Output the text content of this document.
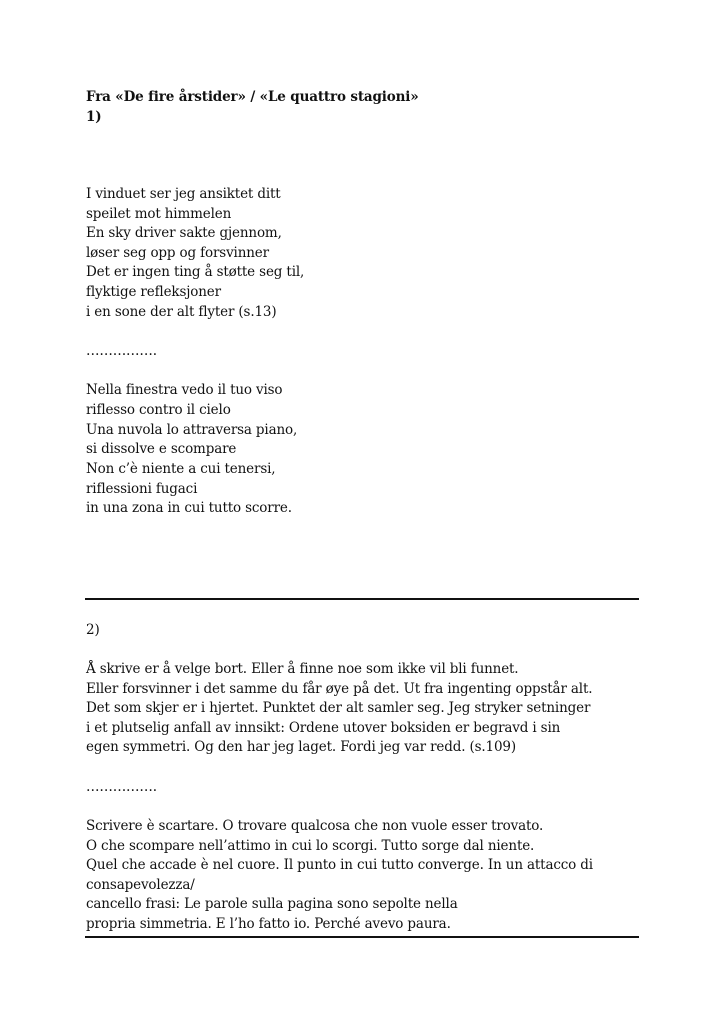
Fra «De fire årstider» / «Le quattro stagioni»
1)
I vinduet ser jeg ansiktet ditt
speilet mot himmelen
En sky driver sakte gjennom,
løser seg opp og forsvinner
Det er ingen ting å støtte seg til,
flyktige refleksjoner
i en sone der alt flyter (s.13)
…………….
Nella finestra vedo il tuo viso
riflesso contro il cielo
Una nuvola lo attraversa piano,
si dissolve e scompare
Non c’è niente a cui tenersi,
riflessioni fugaci
in una zona in cui tutto scorre.
2)
Å skrive er å velge bort. Eller å finne noe som ikke vil bli funnet.
Eller forsvinner i det samme du får øye på det. Ut fra ingenting oppstår alt.
Det som skjer er i hjertet. Punktet der alt samler seg. Jeg stryker setninger
i et plutselig anfall av innsikt: Ordene utover boksiden er begravd i sin
egen symmetri. Og den har jeg laget. Fordi jeg var redd. (s.109)
…………….
Scrivere è scartare. O trovare qualcosa che non vuole esser trovato.
O che scompare nell’attimo in cui lo scorgi. Tutto sorge dal niente.
Quel che accade è nel cuore. Il punto in cui tutto converge. In un attacco di
consapevolezza/
cancello frasi: Le parole sulla pagina sono sepolte nella
propria simmetria. E l’ho fatto io. Perché avevo paura.
